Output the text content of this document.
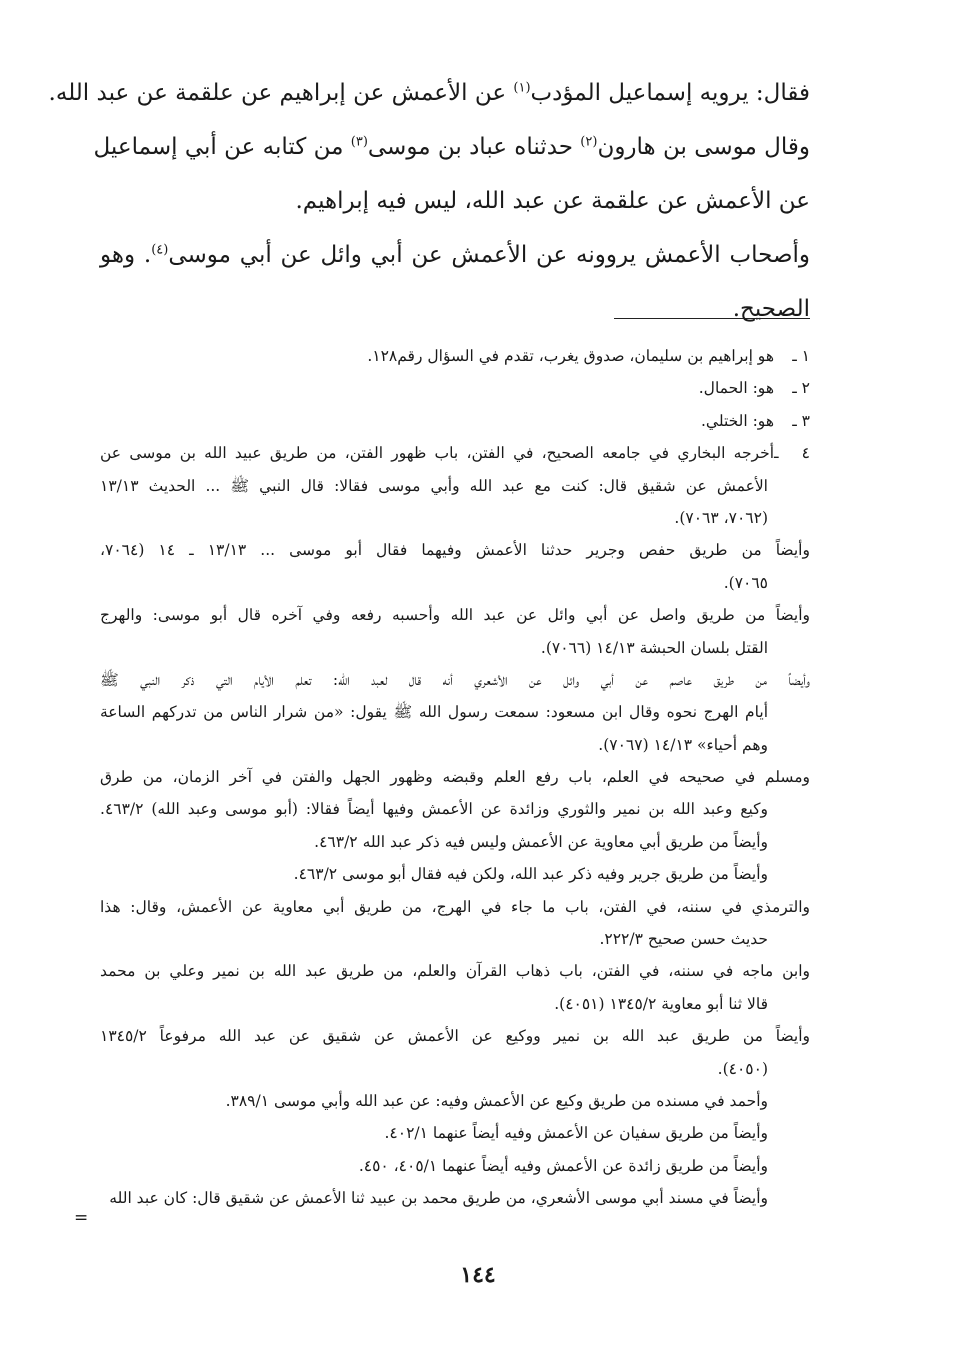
فقال: يرويه إسماعيل المؤدب$^{(١)}$ عن الأعمش عن إبراهيم عن علقمة عن عبد الله.
وقال موسى بن هارون$^{(٢)}$ حدثناه عباد بن موسى$^{(٣)}$ من كتابه عن أبي إسماعيل
عن الأعمش عن علقمة عن عبد الله، ليس فيه إبراهيم.
وأصحاب الأعمش يروونه عن الأعمش عن أبي وائل عن أبي موسى$^{(٤)}$. وهو
الصحيح.
١ ـهو إبراهيم بن سليمان، صدوق يغرب، تقدم في السؤال رقم١٢٨.
٢ ـهو: الحمال.
٣ ـهو: الختلي.
٤ ـأخرجه البخاري في جامعه الصحيح، في الفتن، باب ظهور الفتن، من طريق عبيد الله بن موسى عن
الأعمش عن شقيق قال: كنت مع عبد الله وأبي موسى فقالا: قال النبي ﷺ ... الحديث ١٣/١٣
(٧٠٦٢، ٧٠٦٣).
وأيضاً من طريق حفص وجرير حدثنا الأعمش وفيهما فقال أبو موسى ... ١٣/١٣ ـ ١٤ (٧٠٦٤،
٧٠٦٥).
وأيضاً من طريق واصل عن أبي وائل عن عبد الله وأحسبه رفعه وفي آخره قال أبو موسى: والهرج
القتل بلسان الحبشة ١٤/١٣ (٧٠٦٦).
وأيضاً من طريق عاصم عن أبي وائل عن الأشعري أنه قال لعبد الله: تعلم الأيام التي ذكر النبي ﷺ
أيام الهرج نحوه وقال ابن مسعود: سمعت رسول الله ﷺ يقول: «من شرار الناس من تدركهم الساعة
وهم أحياء» ١٤/١٣ (٧٠٦٧).
ومسلم في صحيحه في العلم، باب رفع العلم وقبضه وظهور الجهل والفتن في آخر الزمان، من طرق
وكيع وعبد الله بن نمير والثوري وزائدة عن الأعمش وفيها أيضاً فقالا: (أبو موسى وعبد الله) ٤٦٣/٢.
وأيضاً من طريق أبي معاوية عن الأعمش وليس فيه ذكر عبد الله ٤٦٣/٢.
وأيضاً من طريق جرير وفيه ذكر عبد الله، ولكن فيه فقال أبو موسى ٤٦٣/٢.
والترمذي في سننه، في الفتن، باب ما جاء في الهرج، من طريق أبي معاوية عن الأعمش، وقال: هذا
حديث حسن صحيح ٢٢٢/٣.
وابن ماجه في سننه، في الفتن، باب ذهاب القرآن والعلم، من طريق عبد الله بن نمير وعلي بن محمد
قالا ثنا أبو معاوية ١٣٤٥/٢ (٤٠٥١).
وأيضاً من طريق عبد الله بن نمير ووكيع عن الأعمش عن شقيق عن عبد الله مرفوعاً ١٣٤٥/٢
(٤٠٥٠).
وأحمد في مسنده من طريق وكيع عن الأعمش وفيه: عن عبد الله وأبي موسى ٣٨٩/١.
وأيضاً من طريق سفيان عن الأعمش وفيه أيضاً عنهما ٤٠٢/١.
وأيضاً من طريق زائدة عن الأعمش وفيه أيضاً عنهما ٤٠٥/١، ٤٥٠.
وأيضاً في مسند أبي موسى الأشعري، من طريق محمد بن عبيد ثنا الأعمش عن شقيق قال: كان عبد الله
=
١٤٤
